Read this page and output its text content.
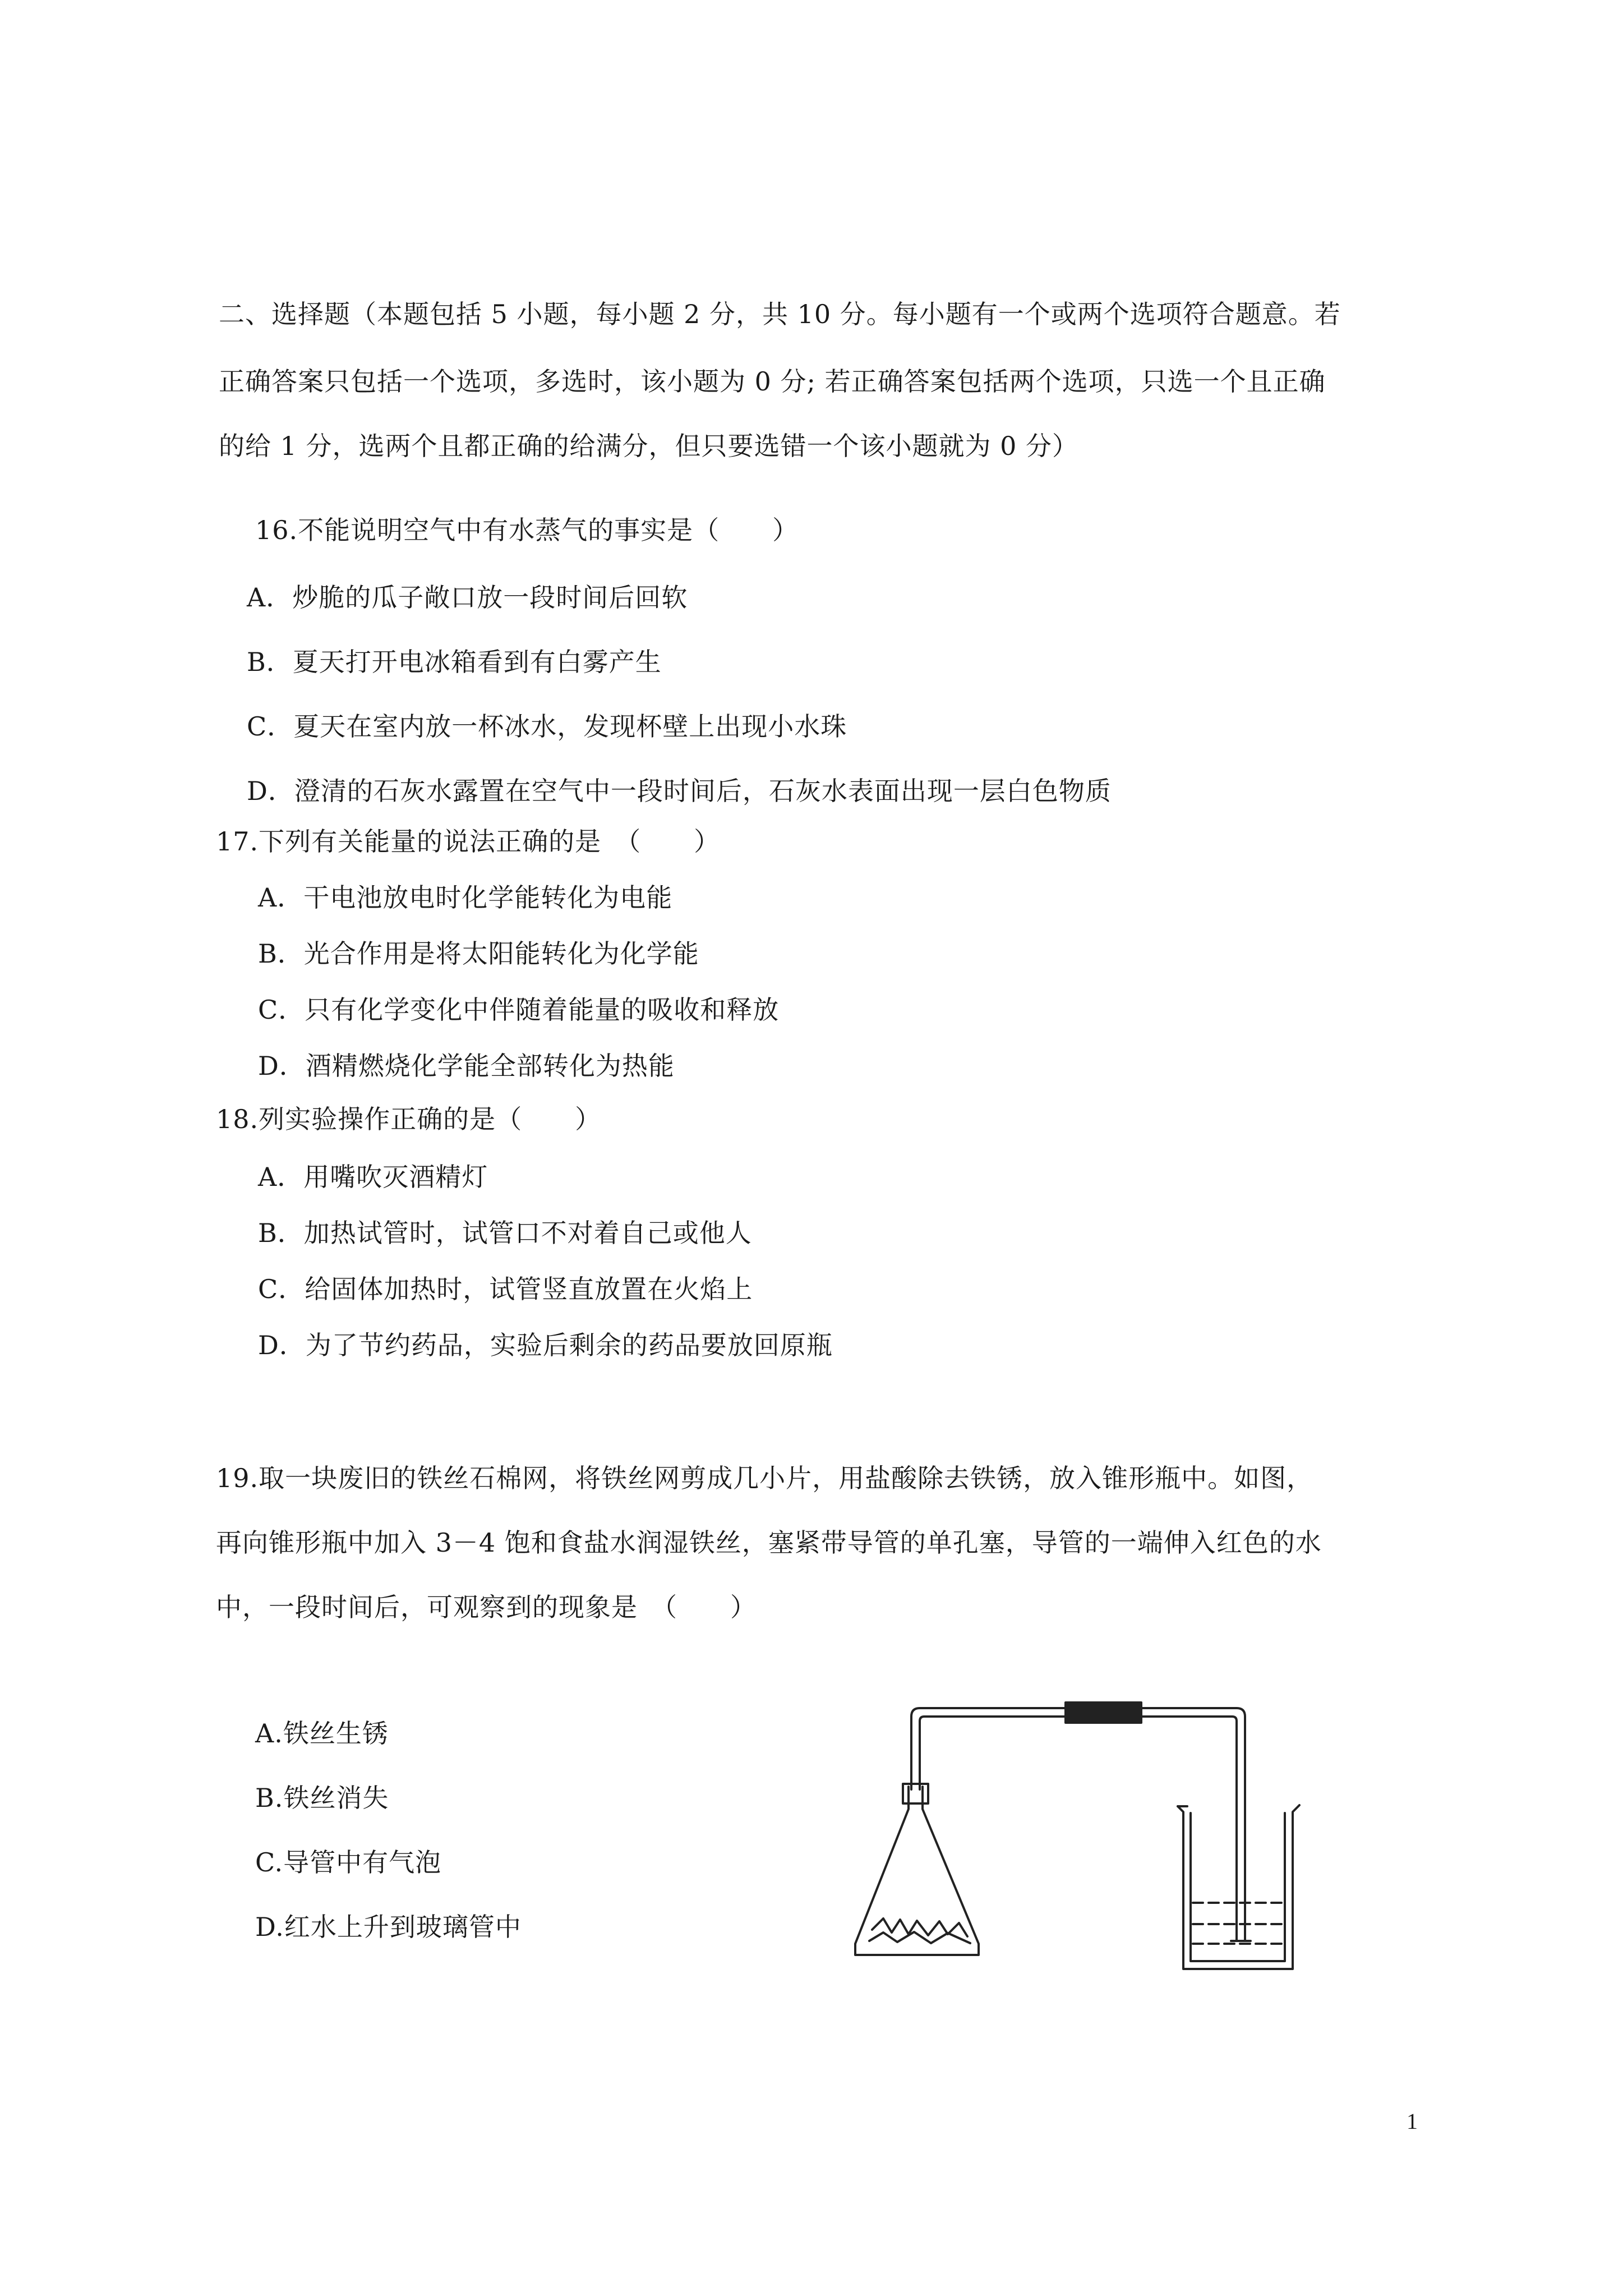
二、选择题（本题包括 5 小题，每小题 2 分，共 10 分。每小题有一个或两个选项符合题意。若
正确答案只包括一个选项，多选时，该小题为 0 分; 若正确答案包括两个选项，只选一个且正确
的给 1 分，选两个且都正确的给满分，但只要选错一个该小题就为 0 分）
16.不能说明空气中有水蒸气的事实是（　　）
A．炒脆的瓜子敞口放一段时间后回软
B．夏天打开电冰箱看到有白雾产生
C．夏天在室内放一杯冰水，发现杯壁上出现小水珠
D．澄清的石灰水露置在空气中一段时间后，石灰水表面出现一层白色物质
17.下列有关能量的说法正确的是　（　　）
A．干电池放电时化学能转化为电能
B．光合作用是将太阳能转化为化学能
C．只有化学变化中伴随着能量的吸收和释放
D．酒精燃烧化学能全部转化为热能
18.列实验操作正确的是（　　）
A．用嘴吹灭酒精灯
B．加热试管时，试管口不对着自己或他人
C．给固体加热时，试管竖直放置在火焰上
D．为了节约药品，实验后剩余的药品要放回原瓶
19.取一块废旧的铁丝石棉网，将铁丝网剪成几小片，用盐酸除去铁锈，放入锥形瓶中。如图，
再向锥形瓶中加入 3－4 饱和食盐水润湿铁丝，塞紧带导管的单孔塞，导管的一端伸入红色的水
中，一段时间后，可观察到的现象是　（　　）
A.铁丝生锈
B.铁丝消失
C.导管中有气泡
D.红水上升到玻璃管中
1
